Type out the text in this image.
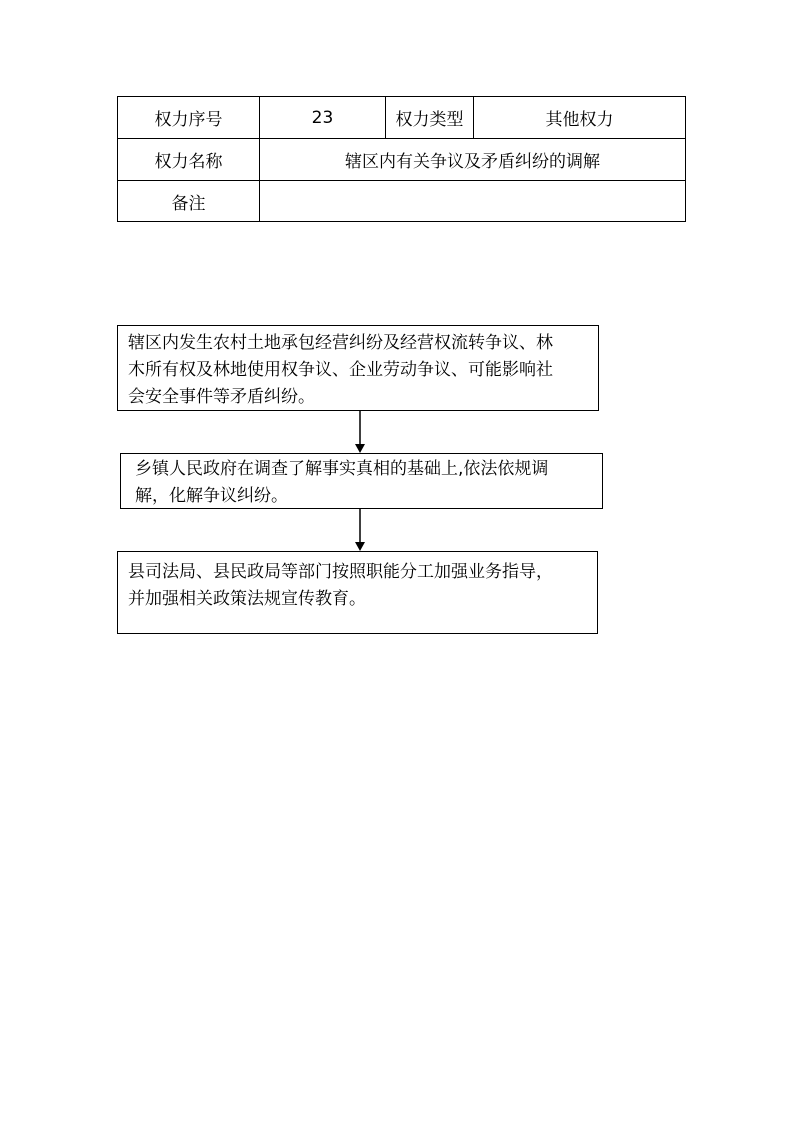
权力序号	23	权力类型	其他权力
权力名称	辖区内有关争议及矛盾纠纷的调解		
备注			
辖区内发生农村土地承包经营纠纷及经营权流转争议、林
木所有权及林地使用权争议、企业劳动争议、可能影响社
会安全事件等矛盾纠纷。
乡镇人民政府在调查了解事实真相的基础上,依法依规调
解，化解争议纠纷。
县司法局、县民政局等部门按照职能分工加强业务指导，
并加强相关政策法规宣传教育。
